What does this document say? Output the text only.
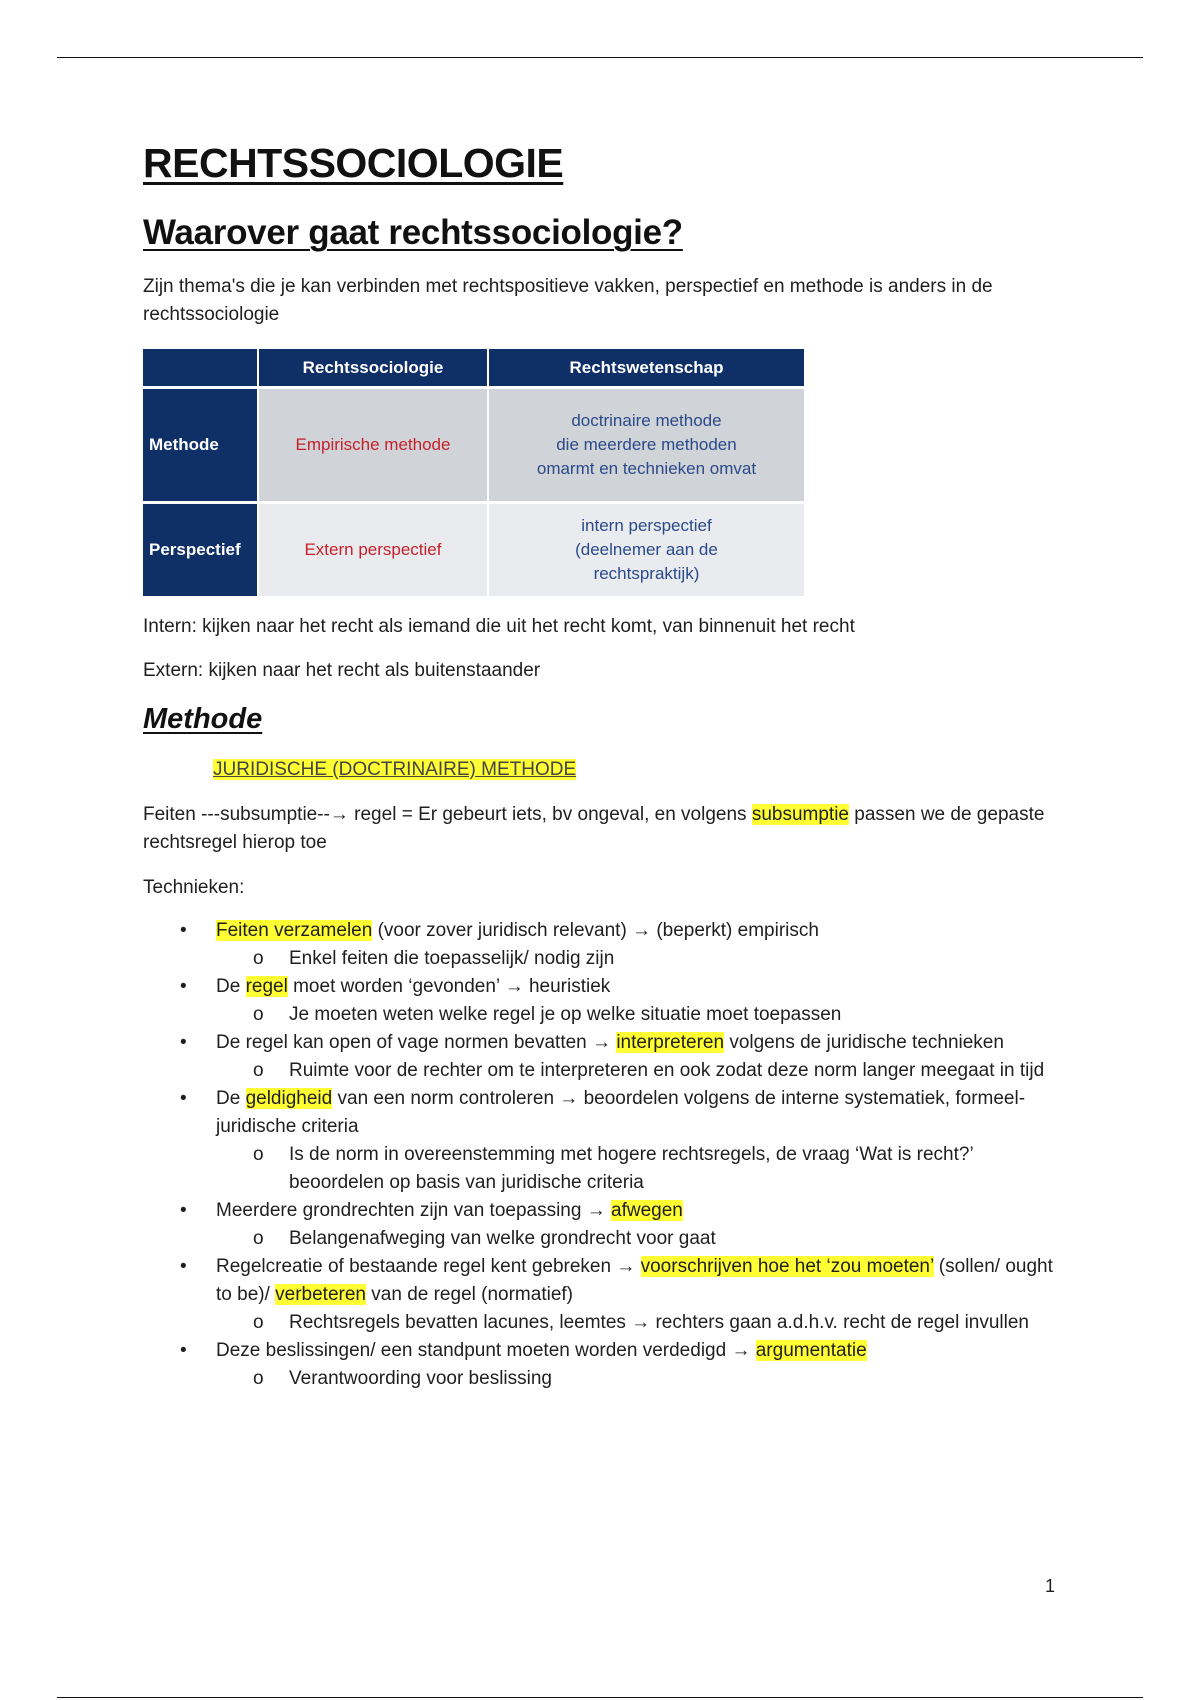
RECHTSSOCIOLOGIE
Waarover gaat rechtssociologie?

Zijn thema's die je kan verbinden met rechtspositieve vakken, perspectief en methode is anders in de rechtssociologie

	Rechtssociologie	Rechtswetenschap
Methode	Empirische methode	doctrinaire methode
die meerdere methoden
omarmt en technieken omvat
Perspectief	Extern perspectief	intern perspectief
(deelnemer aan de
rechtspraktijk)

Intern: kijken naar het recht als iemand die uit het recht komt, van binnenuit het recht

Extern: kijken naar het recht als buitenstaander

Methode

JURIDISCHE (DOCTRINAIRE) METHODE

Feiten ---subsumptie--→ regel = Er gebeurt iets, bv ongeval, en volgens subsumptie passen we de gepaste rechtsregel hierop toe

Technieken:

• Feiten verzamelen (voor zover juridisch relevant) → (beperkt) empirisch
o Enkel feiten die toepasselijk/ nodig zijn
• De regel moet worden ‘gevonden’ → heuristiek
o Je moeten weten welke regel je op welke situatie moet toepassen
• De regel kan open of vage normen bevatten → interpreteren volgens de juridische technieken
o Ruimte voor de rechter om te interpreteren en ook zodat deze norm langer meegaat in tijd
• De geldigheid van een norm controleren → beoordelen volgens de interne systematiek, formeel-juridische criteria
o Is de norm in overeenstemming met hogere rechtsregels, de vraag ‘Wat is recht?’ beoordelen op basis van juridische criteria
• Meerdere grondrechten zijn van toepassing → afwegen
o Belangenafweging van welke grondrecht voor gaat
• Regelcreatie of bestaande regel kent gebreken → voorschrijven hoe het ‘zou moeten’ (sollen/ ought to be)/ verbeteren van de regel (normatief)
o Rechtsregels bevatten lacunes, leemtes → rechters gaan a.d.h.v. recht de regel invullen
• Deze beslissingen/ een standpunt moeten worden verdedigd → argumentatie
o Verantwoording voor beslissing
1
